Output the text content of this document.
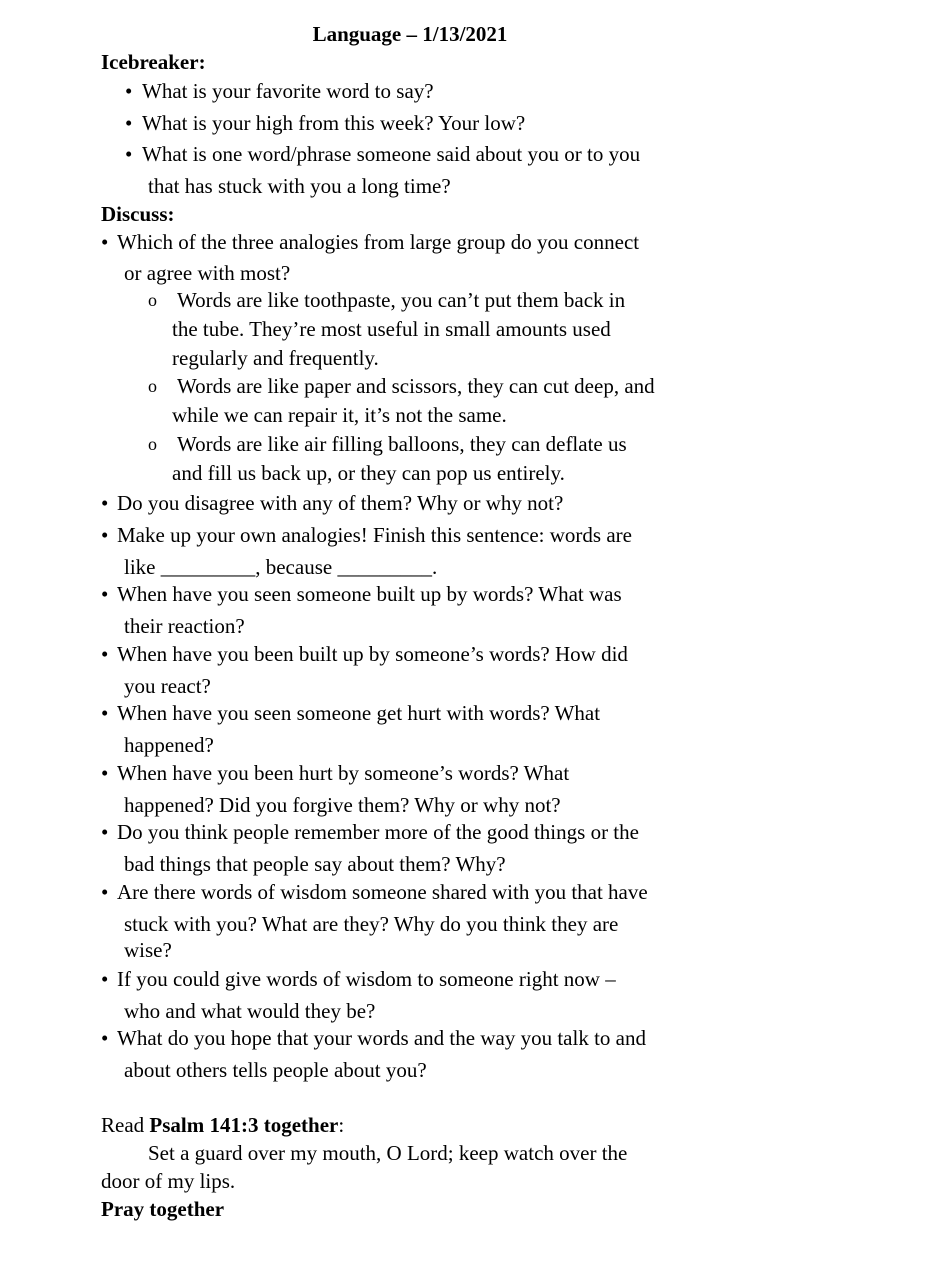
Language – 1/13/2021
Icebreaker:
• What is your favorite word to say?
• What is your high from this week? Your low?
• What is one word/phrase someone said about you or to you
that has stuck with you a long time?
Discuss:
• Which of the three analogies from large group do you connect
or agree with most?
o Words are like toothpaste, you can’t put them back in
the tube. They’re most useful in small amounts used
regularly and frequently.
o Words are like paper and scissors, they can cut deep, and
while we can repair it, it’s not the same.
o Words are like air filling balloons, they can deflate us
and fill us back up, or they can pop us entirely.
• Do you disagree with any of them? Why or why not?
• Make up your own analogies! Finish this sentence: words are
like _________, because _________.
• When have you seen someone built up by words? What was
their reaction?
• When have you been built up by someone’s words? How did
you react?
• When have you seen someone get hurt with words? What
happened?
• When have you been hurt by someone’s words? What
happened? Did you forgive them? Why or why not?
• Do you think people remember more of the good things or the
bad things that people say about them? Why?
• Are there words of wisdom someone shared with you that have
stuck with you? What are they? Why do you think they are
wise?
• If you could give words of wisdom to someone right now –
who and what would they be?
• What do you hope that your words and the way you talk to and
about others tells people about you?
Read Psalm 141:3 together:
Set a guard over my mouth, O Lord; keep watch over the
door of my lips.
Pray together
